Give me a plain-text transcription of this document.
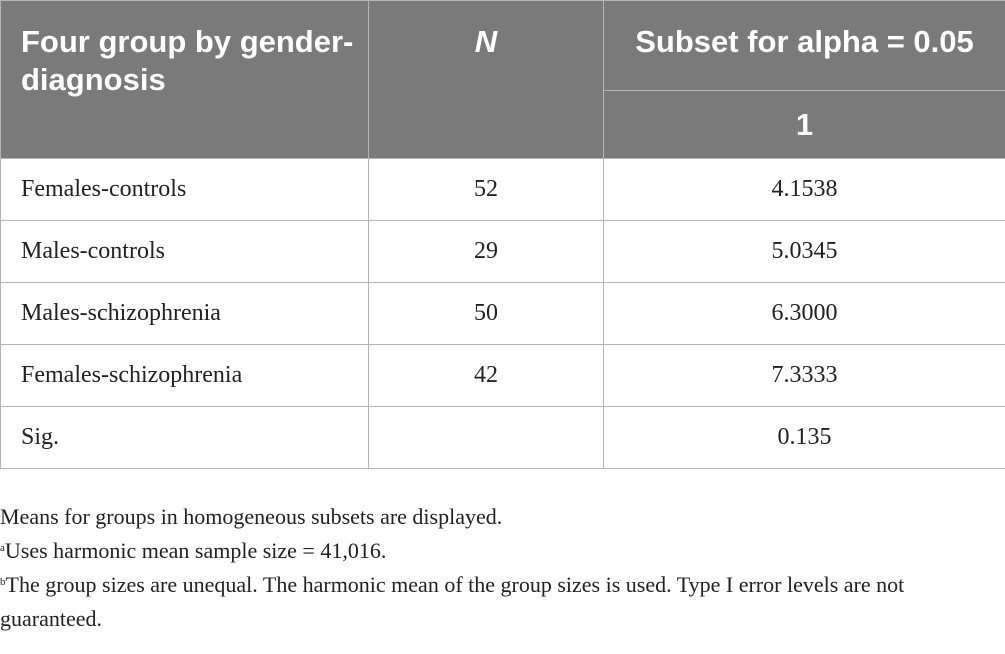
Four group by gender-diagnosis	N	Subset for alpha = 0.05
		1
Females-controls	52	4.1538
Males-controls	29	5.0345
Males-schizophrenia	50	6.3000
Females-schizophrenia	42	7.3333
Sig.		0.135

Means for groups in homogeneous subsets are displayed.

$^a$Uses harmonic mean sample size = 41,016.

$^b$The group sizes are unequal. The harmonic mean of the group sizes is used. Type I error levels are not guaranteed.
